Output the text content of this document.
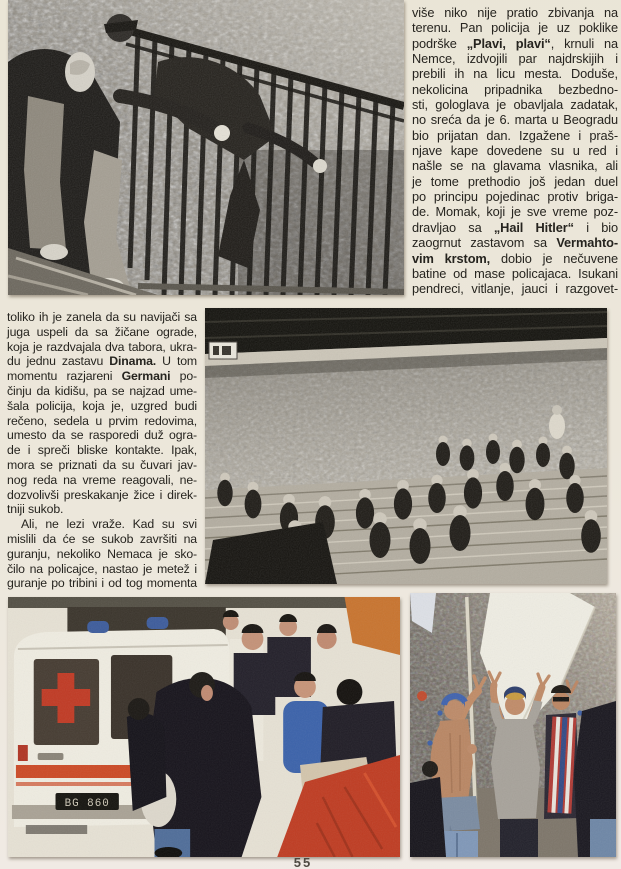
više niko nije pratio zbivanja na
terenu. Pan policija je uz poklike
podrške „Plavi, plavi“, krnuli na
Nemce, izdvojili par najdrskijih i
prebili ih na licu mesta. Doduše,
nekolicina pripadnika bezbedno-
sti, gologlava je obavljala zadatak,
no sreća da je 6. marta u Beogradu
bio prijatan dan. Izgažene i praš-
njave kape dovedene su u red i
našle se na glavama vlasnika, ali
je tome prethodio još jedan duel
po principu pojedinac protiv briga-
de. Momak, koji je sve vreme poz-
dravljao sa „Hail Hitler“ i bio
zaogrnut zastavom sa Vermahto-
vim krstom, dobio je nečuvene
batine od mase policajaca. Isukani
pendreci, vitlanje, jauci i razgovet-
toliko ih je zanela da su navijači sa
juga uspeli da sa žičane ograde,
koja je razdvajala dva tabora, ukra-
du jednu zastavu Dinama. U tom
momentu razjareni Germani po-
činju da kidišu, pa se najzad ume-
šala policija, koja je, uzgred budi
rečeno, sedela u prvim redovima,
umesto da se rasporedi duž ogra-
de i spreči bliske kontakte. Ipak,
mora se priznati da su čuvari jav-
nog reda na vreme reagovali, ne-
dozvolivši preskakanje žice i direk-
tniji sukob.
Ali, ne lezi vraže. Kad su svi
mislili da će se sukob završiti na
guranju, nekoliko Nemaca je sko-
čilo na policajce, nastao je metež i
guranje po tribini i od tog momenta
BG 860
55
